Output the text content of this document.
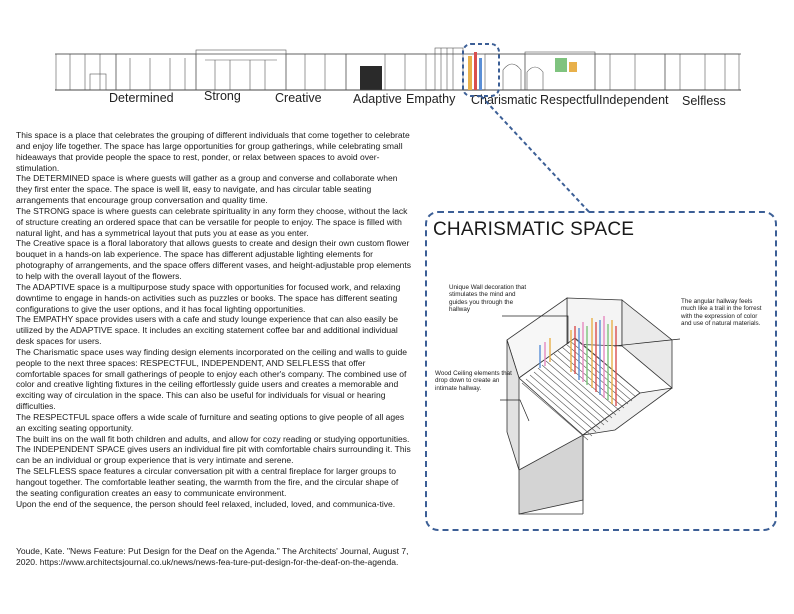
Determined Strong	Creative	Adaptive Empathy Charismatic Respectful Independent Selfless

This space is a place that celebrates the grouping of different individuals that come together to celebrate and enjoy life together. The space has large opportunities for group gatherings, while celebrating small hideaways that provide people the space to rest, ponder, or relax between spaces to avoid over-stimulation.

The DETERMINED space is where guests will gather as a group and converse and collaborate when they first enter the space. The space is well lit, easy to navigate, and has circular table seating arrangements that encourage group conversation and quality time.

The STRONG space is where guests can celebrate spirituality in any form they choose, without the lack of structure creating an ordered space that can be versatile for people to enjoy. The space is filled with natural light, and has a symmetrical layout that puts you at ease as you enter.

The Creative space is a floral laboratory that allows guests to create and design their own custom flower bouquet in a hands-on lab experience. The space has different adjustable lighting elements for photography of arrangements, and the space offers different vases, and height-adjustable prop elements to help with the overall layout of the flowers.

The ADAPTIVE space is a multipurpose study space with opportunities for focused work, and relaxing downtime to engage in hands-on activities such as puzzles or books. The space has different seating configurations to give the user options, and it has focal lighting opportunities.

The EMPATHY space provides users with a cafe and study lounge experience that can also easily be utilized by the ADAPTIVE space. It includes an exciting statement coffee bar and additional individual desk spaces for users.

The Charismatic space uses way finding design elements incorporated on the ceiling and walls to guide people to the next three spaces: RESPECTFUL, INDEPENDENT, AND SELFLESS that offer comfortable spaces for small gatherings of people to enjoy each other's company. The combined use of color and creative lighting fixtures in the ceiling effortlessly guide users and creates a memorable and exciting way of circulation in the space. This can also be useful for individuals for visual or hearing difficulties.

The RESPECTFUL space offers a wide scale of furniture and seating options to give people of all ages an exciting seating opportunity.

The built ins on the wall fit both children and adults, and allow for cozy reading or studying opportunities.

The INDEPENDENT SPACE gives users an individual fire pit with comfortable chairs surrounding it. This can be an individual or group experience that is very intimate and serene.

The SELFLESS space features a circular conversation pit with a central fireplace for larger groups to hangout together. The comfortable leather seating, the warmth from the fire, and the circular shape of the seating configuration creates an easy to communicate environment.

Upon the end of the sequence, the person should feel relaxed, included, loved, and communica-tive.

Youde, Kate. "News Feature: Put Design for the Deaf on the Agenda." The Architects' Journal, August 7, 2020. https://www.architectsjournal.co.uk/news/news-fea-ture-put-design-for-the-deaf-on-the-agenda.
CHARISMATIC SPACE
Unique Wall decoration that stimulates the mind and guides you through the hallway
The angular hallway feels much like a trail in the forrest with the expression of color and use of natural materials.
Wood Ceiling elements that drop down to create an intimate hallway.
